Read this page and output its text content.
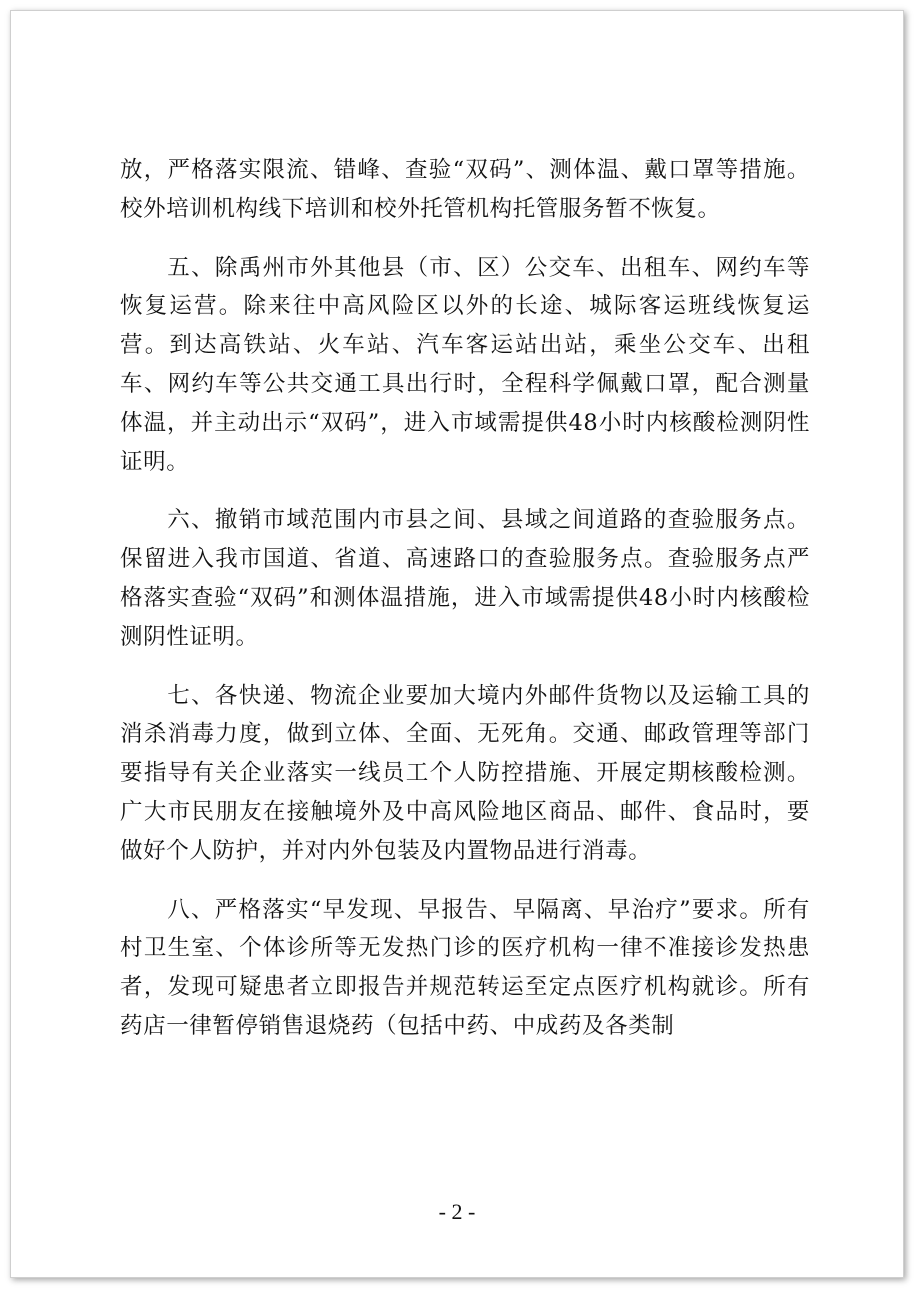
放，严格落实限流、错峰、查验“双码”、测体温、戴口罩等措施。校外培训机构线下培训和校外托管机构托管服务暂不恢复。

五、除禹州市外其他县（市、区）公交车、出租车、网约车等恢复运营。除来往中高风险区以外的长途、城际客运班线恢复运营。到达高铁站、火车站、汽车客运站出站，乘坐公交车、出租车、网约车等公共交通工具出行时，全程科学佩戴口罩，配合测量体温，并主动出示“双码”，进入市域需提供48小时内核酸检测阴性证明。

六、撤销市域范围内市县之间、县域之间道路的查验服务点。保留进入我市国道、省道、高速路口的查验服务点。查验服务点严格落实查验“双码”和测体温措施，进入市域需提供48小时内核酸检测阴性证明。

七、各快递、物流企业要加大境内外邮件货物以及运输工具的消杀消毒力度，做到立体、全面、无死角。交通、邮政管理等部门要指导有关企业落实一线员工个人防控措施、开展定期核酸检测。广大市民朋友在接触境外及中高风险地区商品、邮件、食品时，要做好个人防护，并对内外包装及内置物品进行消毒。

八、严格落实“早发现、早报告、早隔离、早治疗”要求。所有村卫生室、个体诊所等无发热门诊的医疗机构一律不准接诊发热患者，发现可疑患者立即报告并规范转运至定点医疗机构就诊。所有药店一律暂停销售退烧药（包括中药、中成药及各类制

- 2 -
